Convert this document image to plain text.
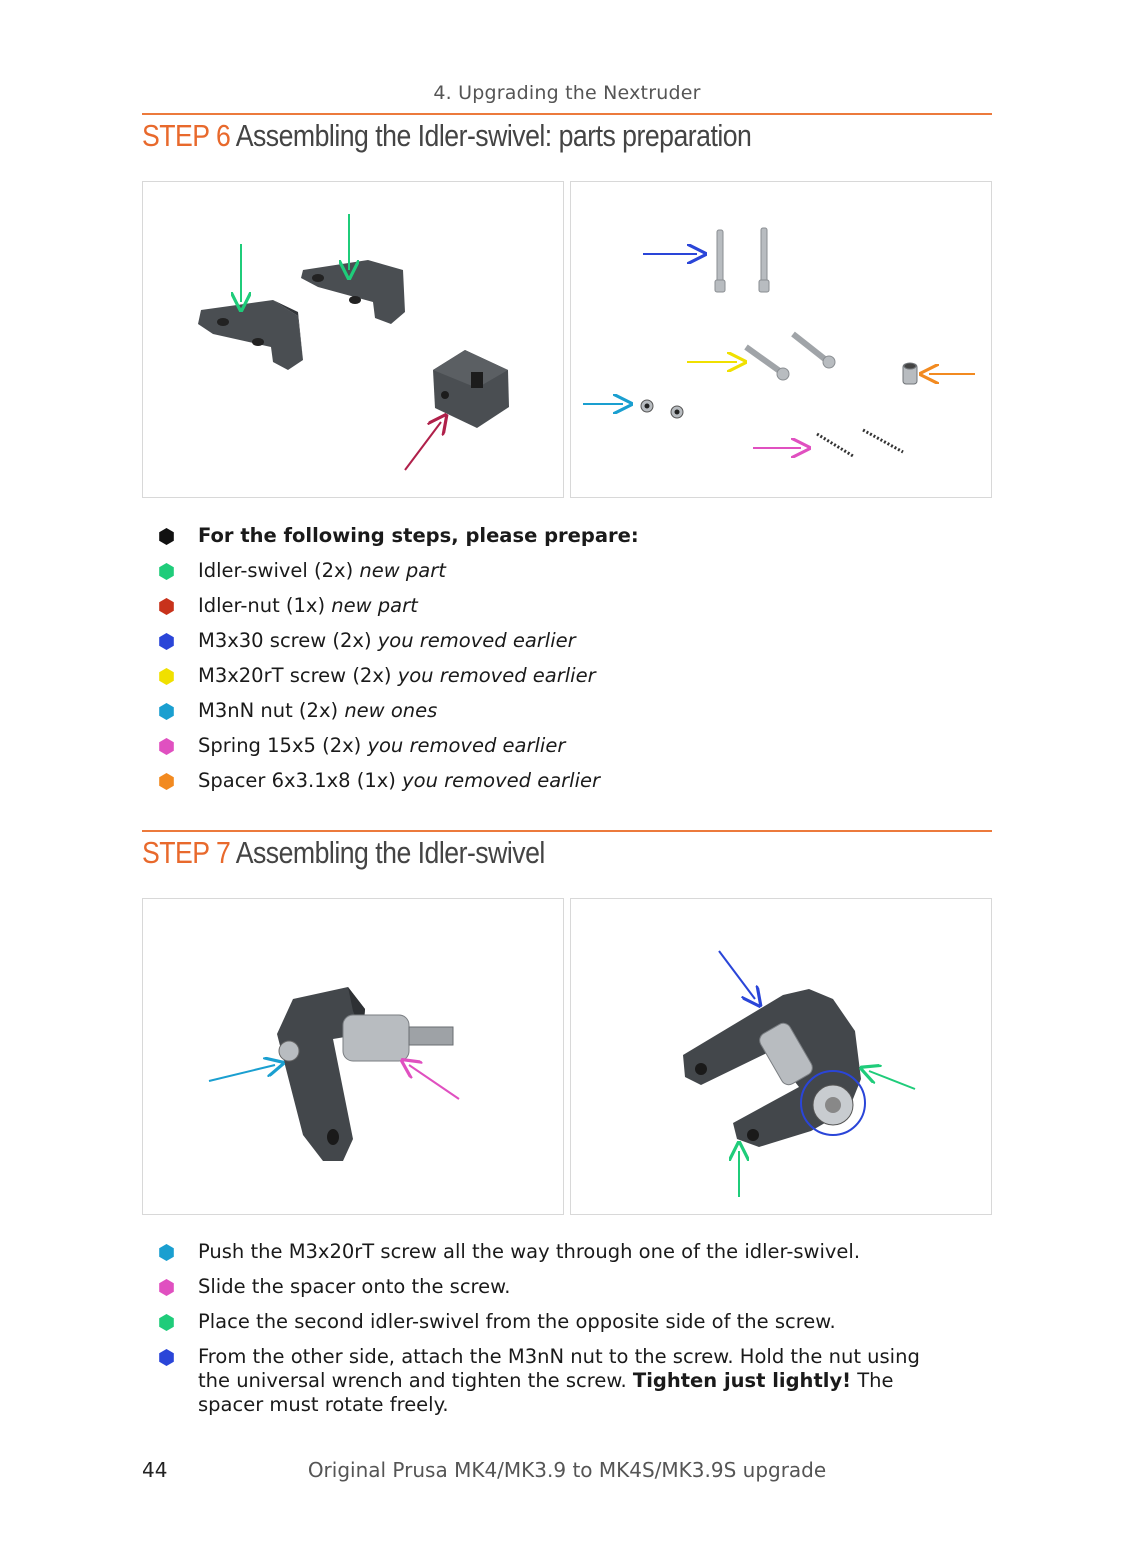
4. Upgrading the Nextruder
STEP 6 Assembling the Idler-swivel: parts preparation
For the following steps, please prepare:
Idler-swivel (2x) new part
Idler-nut (1x) new part
M3x30 screw (2x) you removed earlier
M3x20rT screw (2x) you removed earlier
M3nN nut (2x) new ones
Spring 15x5 (2x) you removed earlier
Spacer 6x3.1x8 (1x) you removed earlier
STEP 7 Assembling the Idler-swivel
Push the M3x20rT screw all the way through one of the idler-swivel.
Slide the spacer onto the screw.
Place the second idler-swivel from the opposite side of the screw.
From the other side, attach the M3nN nut to the screw. Hold the nut using the universal wrench and tighten the screw. Tighten just lightly! The spacer must rotate freely.
44	Original Prusa MK4/MK3.9 to MK4S/MK3.9S upgrade
